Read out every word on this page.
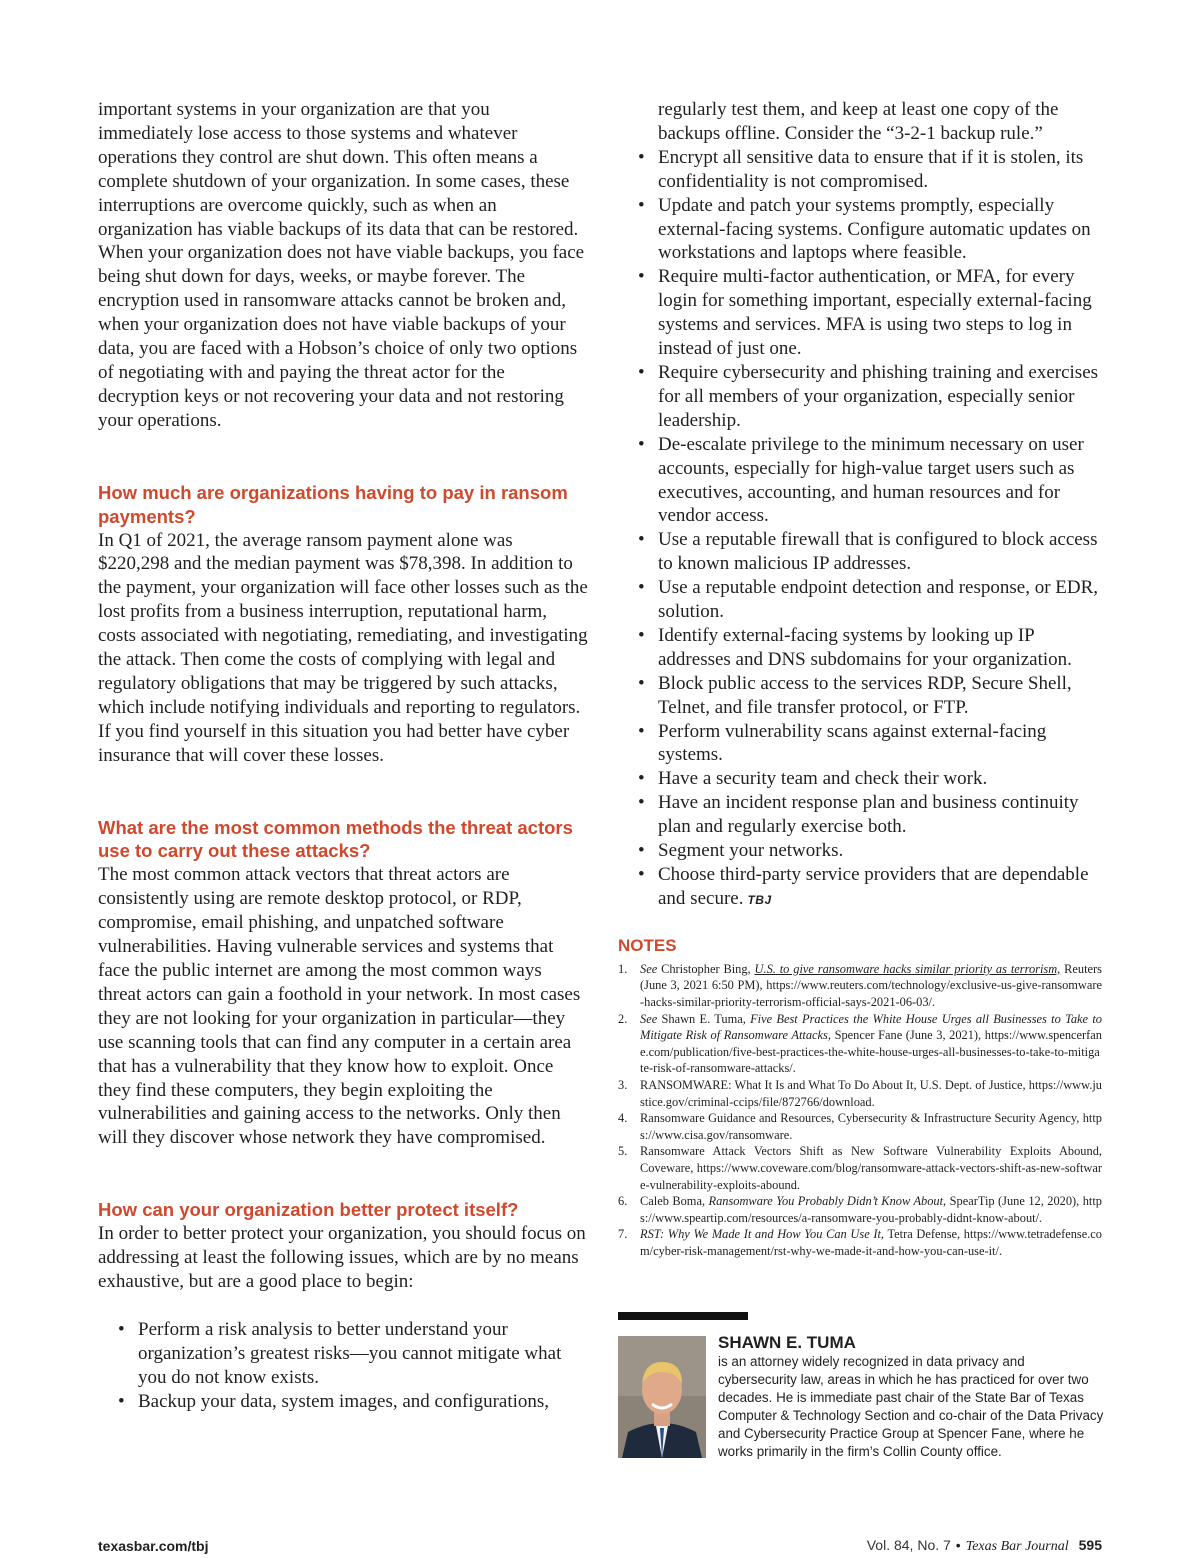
important systems in your organization are that you immediately lose access to those systems and whatever operations they control are shut down. This often means a complete shutdown of your organization. In some cases, these interruptions are overcome quickly, such as when an organization has viable backups of its data that can be restored. When your organization does not have viable backups, you face being shut down for days, weeks, or maybe forever. The encryption used in ransomware attacks cannot be broken and, when your organization does not have viable backups of your data, you are faced with a Hobson’s choice of only two options of negotiating with and paying the threat actor for the decryption keys or not recovering your data and not restoring your operations.

How much are organizations having to pay in ransom payments?

In Q1 of 2021, the average ransom payment alone was $220,298 and the median payment was $78,398. In addition to the payment, your organization will face other losses such as the lost profits from a business interruption, reputational harm, costs associated with negotiating, remediating, and investigating the attack. Then come the costs of complying with legal and regulatory obligations that may be triggered by such attacks, which include notifying individuals and reporting to regulators. If you find yourself in this situation you had better have cyber insurance that will cover these losses.

What are the most common methods the threat actors use to carry out these attacks?

The most common attack vectors that threat actors are consistently using are remote desktop protocol, or RDP, compromise, email phishing, and unpatched software vulnerabilities. Having vulnerable services and systems that face the public internet are among the most common ways threat actors can gain a foothold in your network. In most cases they are not looking for your organization in particular—they use scanning tools that can find any computer in a certain area that has a vulnerability that they know how to exploit. Once they find these computers, they begin exploiting the vulnerabilities and gaining access to the networks. Only then will they discover whose network they have compromised.

How can your organization better protect itself?

In order to better protect your organization, you should focus on addressing at least the following issues, which are by no means exhaustive, but are a good place to begin:

• Perform a risk analysis to better understand your organization’s greatest risks—you cannot mitigate what you do not know exists.
• Backup your data, system images, and configurations,
regularly test them, and keep at least one copy of the backups offline. Consider the “3-2-1 backup rule.”
• Encrypt all sensitive data to ensure that if it is stolen, its confidentiality is not compromised.
• Update and patch your systems promptly, especially external-facing systems. Configure automatic updates on workstations and laptops where feasible.
• Require multi-factor authentication, or MFA, for every login for something important, especially external-facing systems and services. MFA is using two steps to log in instead of just one.
• Require cybersecurity and phishing training and exercises for all members of your organization, especially senior leadership.
• De-escalate privilege to the minimum necessary on user accounts, especially for high-value target users such as executives, accounting, and human resources and for vendor access.
• Use a reputable firewall that is configured to block access to known malicious IP addresses.
• Use a reputable endpoint detection and response, or EDR, solution.
• Identify external-facing systems by looking up IP addresses and DNS subdomains for your organization.
• Block public access to the services RDP, Secure Shell, Telnet, and file transfer protocol, or FTP.
• Perform vulnerability scans against external-facing systems.
• Have a security team and check their work.
• Have an incident response plan and business continuity plan and regularly exercise both.
• Segment your networks.
• Choose third-party service providers that are dependable and secure. TBJ
NOTES
1. See Christopher Bing, U.S. to give ransomware hacks similar priority as terrorism, Reuters (June 3, 2021 6:50 PM), https://www.reuters.com/technology/exclusive-us-give-ransomware-hacks-similar-priority-terrorism-official-says-2021-06-03/.
2. See Shawn E. Tuma, Five Best Practices the White House Urges all Businesses to Take to Mitigate Risk of Ransomware Attacks, Spencer Fane (June 3, 2021), https://www.spencerfane.com/publication/five-best-practices-the-white-house-urges-all-businesses-to-take-to-mitigate-risk-of-ransomware-attacks/.
3. RANSOMWARE: What It Is and What To Do About It, U.S. Dept. of Justice, https://www.justice.gov/criminal-ccips/file/872766/download.
4. Ransomware Guidance and Resources, Cybersecurity & Infrastructure Security Agency, https://www.cisa.gov/ransomware.
5. Ransomware Attack Vectors Shift as New Software Vulnerability Exploits Abound, Coveware, https://www.coveware.com/blog/ransomware-attack-vectors-shift-as-new-software-vulnerability-exploits-abound.
6. Caleb Boma, Ransomware You Probably Didn’t Know About, SpearTip (June 12, 2020), https://www.speartip.com/resources/a-ransomware-you-probably-didnt-know-about/.
7. RST: Why We Made It and How You Can Use It, Tetra Defense, https://www.tetradefense.com/cyber-risk-management/rst-why-we-made-it-and-how-you-can-use-it/.
SHAWN E. TUMA

is an attorney widely recognized in data privacy and cybersecurity law, areas in which he has practiced for over two decades. He is immediate past chair of the State Bar of Texas Computer & Technology Section and co-chair of the Data Privacy and Cybersecurity Practice Group at Spencer Fane, where he works primarily in the firm’s Collin County office.

texasbar.com/tbj	Vol. 84, No. 7 • Texas Bar Journal 595
